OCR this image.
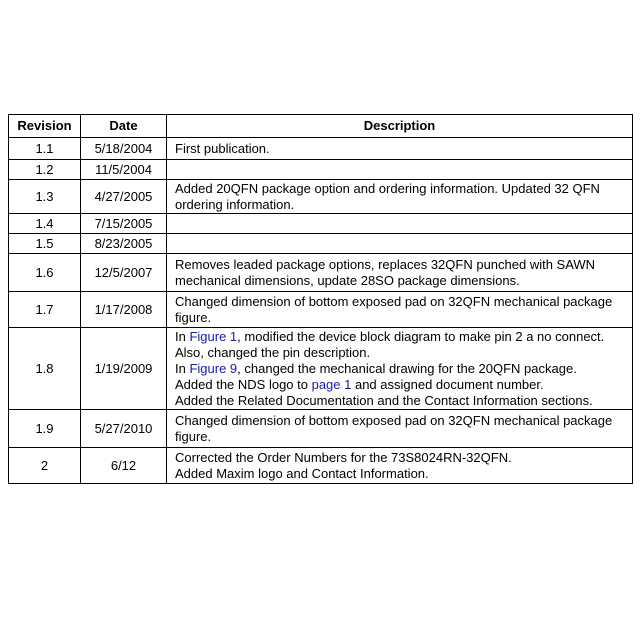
Revision	Date	Description
1.1	5/18/2004	First publication.

1.2	11/5/2004	
1.3	4/27/2005	Added 20QFN package option and ordering information. Updated 32 QFN
ordering information.

1.4	7/15/2005	
1.5	8/23/2005	
1.6	12/5/2007	Removes leaded package options, replaces 32QFN punched with SAWN
mechanical dimensions, update 28SO package dimensions.

1.7	1/17/2008	Changed dimension of bottom exposed pad on 32QFN mechanical package
figure.

1.8	1/19/2009	In Figure 1, modified the device block diagram to make pin 2 a no connect.
Also, changed the pin description.
In Figure 9, changed the mechanical drawing for the 20QFN package.
Added the NDS logo to page 1 and assigned document number.
Added the Related Documentation and the Contact Information sections.

1.9	5/27/2010	Changed dimension of bottom exposed pad on 32QFN mechanical package
figure.

2	6/12	Corrected the Order Numbers for the 73S8024RN-32QFN.
Added Maxim logo and Contact Information.
